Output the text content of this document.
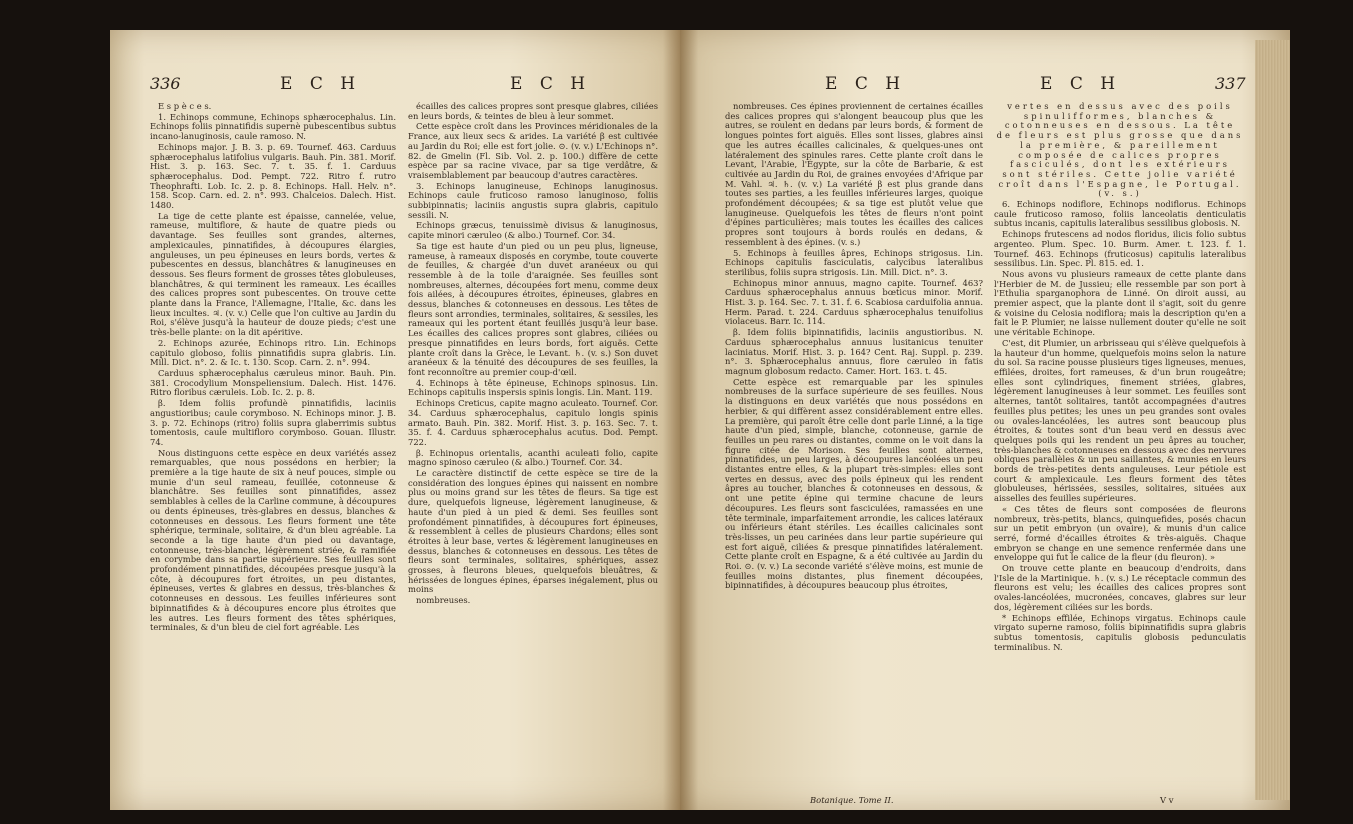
336	E C H	E C H

E s p è c e s.

1. Echinops commune, Echinops sphærocephalus. Lin. Echinops foliis pinnatifidis supernè pubescentibus subtus incano-lanuginosis, caule ramoso. N.

Echinops major. J. B. 3. p. 69. Tournef. 463. Carduus sphærocephalus latifolius vulgaris. Bauh. Pin. 381. Morif. Hist. 3. p. 163. Sec. 7. t. 35. f. 1. Carduus sphærocephalus. Dod. Pempt. 722. Ritro f. rutro Theophrafti. Lob. Ic. 2. p. 8. Echinops. Hall. Helv. n°. 158. Scop. Carn. ed. 2. n°. 993. Chalceios. Dalech. Hist. 1480.

La tige de cette plante est épaisse, cannelée, velue, rameuse, multiflore, & haute de quatre pieds ou davantage. Ses feuilles sont grandes, alternes, amplexicaules, pinnatifides, à découpures élargies, anguleuses, un peu épineuses en leurs bords, vertes & pubescentes en dessus, blanchâtres & lanugineuses en dessous. Ses fleurs forment de grosses têtes globuleuses, blanchâtres, & qui terminent les rameaux. Les écailles des calices propres sont pubescentes. On trouve cette plante dans la France, l'Allemagne, l'Italie, &c. dans les lieux incultes. ♃. (v. v.) Celle que l'on cultive au Jardin du Roi, s'élève jusqu'à la hauteur de douze pieds; c'est une très-belle plante: on la dit apéritive.

2. Echinops azurée, Echinops ritro. Lin. Echinops capitulo globoso, foliis pinnatifidis supra glabris. Lin. Mill. Dict. n°. 2. & Ic. t. 130. Scop. Carn. 2. n°. 994.

Carduus sphærocephalus cæruleus minor. Bauh. Pin. 381. Crocodylium Monspeliensium. Dalech. Hist. 1476. Ritro floribus cæruleis. Lob. Ic. 2. p. 8.

β. Idem foliis profundè pinnatifidis, laciniis angustioribus; caule corymboso. N. Echinops minor. J. B. 3. p. 72. Echinops (ritro) foliis supra glaberrimis subtus tomentosis, caule multifloro corymboso. Gouan. Illustr. 74.

Nous distinguons cette espèce en deux variétés assez remarquables, que nous possédons en herbier; la première a la tige haute de six à neuf pouces, simple ou munie d'un seul rameau, feuillée, cotonneuse & blanchâtre. Ses feuilles sont pinnatifides, assez semblables à celles de la Carline commune, à découpures ou dents épineuses, très-glabres en dessus, blanches & cotonneuses en dessous. Les fleurs forment une tête sphérique, terminale, solitaire, & d'un bleu agréable. La seconde a la tige haute d'un pied ou davantage, cotonneuse, très-blanche, légèrement striée, & ramifiée en corymbe dans sa partie supérieure. Ses feuilles sont profondément pinnatifides, découpées presque jusqu'à la côte, à découpures fort étroites, un peu distantes, épineuses, vertes & glabres en dessus, très-blanches & cotonneuses en dessous. Les feuilles inférieures sont bipinnatifides & à découpures encore plus étroites que les autres. Les fleurs forment des têtes sphériques, terminales, & d'un bleu de ciel fort agréable. Les

écailles des calices propres sont presque glabres, ciliées en leurs bords, & teintes de bleu à leur sommet.

Cette espèce croît dans les Provinces méridionales de la France, aux lieux secs & arides. La variété β est cultivée au Jardin du Roi; elle est fort jolie. ⊙. (v. v.) L'Echinops n°. 82. de Gmelin (Fl. Sib. Vol. 2. p. 100.) diffère de cette espèce par sa racine vivace, par sa tige verdâtre, & vraisemblablement par beaucoup d'autres caractères.

3. Echinops lanugineuse, Echinops lanuginosus. Echinops caule fruticoso ramoso lanuginoso, foliis subbipinnatis; laciniis angustis supra glabris, capitulo sessili. N.

Echinops græcus, tenuissimè divisus & lanuginosus, capite minori cæruleo (& albo.) Tournef. Cor. 34.

Sa tige est haute d'un pied ou un peu plus, ligneuse, rameuse, à rameaux disposés en corymbe, toute couverte de feuilles, & chargée d'un duvet aranéeux ou qui ressemble à de la toile d'araignée. Ses feuilles sont nombreuses, alternes, découpées fort menu, comme deux fois ailées, à découpures étroites, épineuses, glabres en dessus, blanches & cotonneuses en dessous. Les têtes de fleurs sont arrondies, terminales, solitaires, & sessiles, les rameaux qui les portent étant feuillés jusqu'à leur base. Les écailles des calices propres sont glabres, ciliées ou presque pinnatifides en leurs bords, fort aiguës. Cette plante croît dans la Grèce, le Levant. ♄. (v. s.) Son duvet aranéeux & la ténuité des découpures de ses feuilles, la font reconnoître au premier coup-d'œil.

4. Echinops à tête épineuse, Echinops spinosus. Lin. Echinops capitulis inspersis spinis longis. Lin. Mant. 119.

Echinops Creticus, capite magno aculeato. Tournef. Cor. 34. Carduus sphærocephalus, capitulo longis spinis armato. Bauh. Pin. 382. Morif. Hist. 3. p. 163. Sec. 7. t. 35. f. 4. Carduus sphærocephalus acutus. Dod. Pempt. 722.

β. Echinopus orientalis, acanthi aculeati folio, capite magno spinoso cæruleo (& albo.) Tournef. Cor. 34.

Le caractère distinctif de cette espèce se tire de la considération des longues épines qui naissent en nombre plus ou moins grand sur les têtes de fleurs. Sa tige est dure, quelquefois ligneuse, légèrement lanugineuse, & haute d'un pied à un pied & demi. Ses feuilles sont profondément pinnatifides, à découpures fort épineuses, & ressemblent à celles de plusieurs Chardons; elles sont étroites à leur base, vertes & légèrement lanugineuses en dessus, blanches & cotonneuses en dessous. Les têtes de fleurs sont terminales, solitaires, sphériques, assez grosses, à fleurons bleues, quelquefois bleuâtres, & hérissées de longues épines, éparses inégalement, plus ou moins

nombreuses.

E C H	E C H	337

nombreuses. Ces épines proviennent de certaines écailles des calices propres qui s'alongent beaucoup plus que les autres, se roulent en dedans par leurs bords, & forment de longues pointes fort aiguës. Elles sont lisses, glabres ainsi que les autres écailles calicinales, & quelques-unes ont latéralement des spinules rares. Cette plante croît dans le Levant, l'Arabie, l'Égypte, sur la côte de Barbarie, & est cultivée au Jardin du Roi, de graines envoyées d'Afrique par M. Vahl. ♃. ♄. (v. v.) La variété β est plus grande dans toutes ses parties, a les feuilles inférieures larges, quoique profondément découpées; & sa tige est plutôt velue que lanugineuse. Quelquefois les têtes de fleurs n'ont point d'épines particulières; mais toutes les écailles des calices propres sont toujours à bords roulés en dedans, & ressemblent à des épines. (v. s.)

5. Echinops à feuilles âpres, Echinops strigosus. Lin. Echinops capitulis fasciculatis, calycibus lateralibus sterilibus, foliis supra strigosis. Lin. Mill. Dict. n°. 3.

Echinopus minor annuus, magno capite. Tournef. 463? Carduus sphærocephalus annuus bœticus minor. Morif. Hist. 3. p. 164. Sec. 7. t. 31. f. 6. Scabiosa carduifolia annua. Herm. Parad. t. 224. Carduus sphærocephalus tenuifolius violaceus. Barr. Ic. 114.

β. Idem foliis bipinnatifidis, laciniis angustioribus. N. Carduus sphærocephalus annuus lusitanicus tenuiter laciniatus. Morif. Hist. 3. p. 164? Cent. Raj. Suppl. p. 239. n°. 3. Sphærocephalus annuus, flore cæruleo in fatis magnum globosum redacto. Camer. Hort. 163. t. 45.

Cette espèce est remarquable par les spinules nombreuses de la surface supérieure de ses feuilles. Nous la distinguons en deux variétés que nous possédons en herbier, & qui diffèrent assez considérablement entre elles. La première, qui paroît être celle dont parle Linné, a la tige haute d'un pied, simple, blanche, cotonneuse, garnie de feuilles un peu rares ou distantes, comme on le voit dans la figure citée de Morison. Ses feuilles sont alternes, pinnatifides, un peu larges, à découpures lancéolées un peu distantes entre elles, & la plupart très-simples: elles sont vertes en dessus, avec des poils épineux qui les rendent âpres au toucher, blanches & cotonneuses en dessous, & ont une petite épine qui termine chacune de leurs découpures. Les fleurs sont fasciculées, ramassées en une tête terminale, imparfaitement arrondie, les calices latéraux ou inférieurs étant stériles. Les écailles calicinales sont très-lisses, un peu carinées dans leur partie supérieure qui est fort aiguë, ciliées & presque pinnatifides latéralement. Cette plante croît en Espagne, & a été cultivée au Jardin du Roi. ⊙. (v. v.) La seconde variété s'élève moins, est munie de feuilles moins distantes, plus finement découpées, bipinnatifides, à découpures beaucoup plus étroites,

vertes en dessus avec des poils spinulifformes, blanches & cotonneuses en dessous. La tête de fleurs est plus grosse que dans la première, & pareillement composée de calices propres fasciculés, dont les extérieurs sont stériles. Cette jolie variété croît dans l'Espagne, le Portugal. (v. s.)

6. Echinops nodiflore, Echinops nodiflorus. Echinops caule fruticoso ramoso, foliis lanceolatis denticulatis subtus incanis, capitulis lateralibus sessilibus globosis. N.

Echinops frutescens ad nodos floridus, ilicis folio subtus argenteo. Plum. Spec. 10. Burm. Amer. t. 123. f. 1. Tournef. 463. Echinops (fruticosus) capitulis lateralibus sessilibus. Lin. Spec. Pl. 815. ed. 1.

Nous avons vu plusieurs rameaux de cette plante dans l'Herbier de M. de Jussieu; elle ressemble par son port à l'Ethulia sparganophora de Linné. On diroit aussi, au premier aspect, que la plante dont il s'agit, soit du genre & voisine du Celosia nodiflora; mais la description qu'en a fait le P. Plumier, ne laisse nullement douter qu'elle ne soit une véritable Echinope.

C'est, dit Plumier, un arbrisseau qui s'élève quelquefois à la hauteur d'un homme, quelquefois moins selon la nature du sol. Sa racine pousse plusieurs tiges ligneuses, menues, effilées, droites, fort rameuses, & d'un brun rougeâtre; elles sont cylindriques, finement striées, glabres, légèrement lanugineuses à leur sommet. Les feuilles sont alternes, tantôt solitaires, tantôt accompagnées d'autres feuilles plus petites; les unes un peu grandes sont ovales ou ovales-lancéolées, les autres sont beaucoup plus étroites, & toutes sont d'un beau verd en dessus avec quelques poils qui les rendent un peu âpres au toucher, très-blanches & cotonneuses en dessous avec des nervures obliques parallèles & un peu saillantes, & munies en leurs bords de très-petites dents anguleuses. Leur pétiole est court & amplexicaule. Les fleurs forment des têtes globuleuses, hérissées, sessiles, solitaires, situées aux aisselles des feuilles supérieures.

« Ces têtes de fleurs sont composées de fleurons nombreux, très-petits, blancs, quinquefides, posés chacun sur un petit embryon (un ovaire), & munis d'un calice serré, formé d'écailles étroites & très-aiguës. Chaque embryon se change en une semence renfermée dans une enveloppe qui fut le calice de la fleur (du fleuron). »

On trouve cette plante en beaucoup d'endroits, dans l'Isle de la Martinique. ♄. (v. s.) Le réceptacle commun des fleurons est velu; les écailles des calices propres sont ovales-lancéolées, mucronées, concaves, glabres sur leur dos, légèrement ciliées sur les bords.

* Echinops effilée, Echinops virgatus. Echinops caule virgato superne ramoso, foliis bipinnatifidis supra glabris subtus tomentosis, capitulis globosis pedunculatis terminalibus. N.

Botanique. Tome II.	V v
